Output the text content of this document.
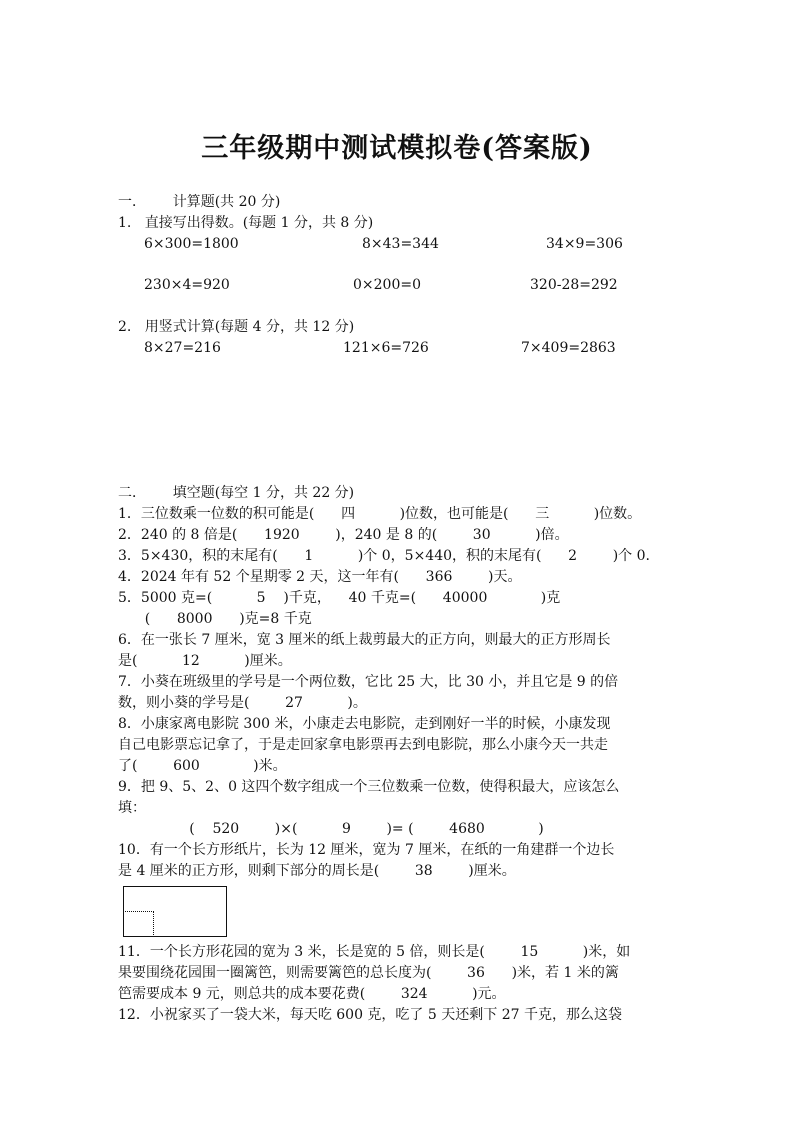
三年级期中测试模拟卷(答案版)
一．      计算题(共 20 分)
1.   直接写出得数。(每题 1 分，共 8 分)
6×300=1800	8×43=344	34×9=306
230×4=920	0×200=0	320-28=292
2.   用竖式计算(每题 4 分，共 12 分)
8×27=216	121×6=726	7×409=2863
二．      填空题(每空 1 分，共 22 分)
1．三位数乘一位数的积可能是(      四          )位数，也可能是(      三          )位数。
2．240 的 8 倍是(      1920        )，240 是 8 的(        30          )倍。
3．5×430，积的末尾有(      1          )个 0，5×440，积的末尾有(      2        )个 0.
4．2024 年有 52 个星期零 2 天，这一年有(      366        )天。
5．5000 克=(          5    )千克，    40 千克=(      40000            )克
(      8000      )克=8 千克
6．在一张长 7 厘米，宽 3 厘米的纸上裁剪最大的正方向，则最大的正方形周长
是(          12          )厘米。
7．小葵在班级里的学号是一个两位数，它比 25 大，比 30 小，并且它是 9 的倍
数，则小葵的学号是(        27          )。
8．小康家离电影院 300 米，小康走去电影院，走到刚好一半的时候，小康发现
自己电影票忘记拿了，于是走回家拿电影票再去到电影院，那么小康今天一共走
了(        600            )米。
9．把 9、5、2、0 这四个数字组成一个三位数乘一位数，使得积最大，应该怎么
填：
(    520        )×(          9        )= (        4680            )
10．有一个长方形纸片，长为 12 厘米，宽为 7 厘米，在纸的一角建群一个边长
是 4 厘米的正方形，则剩下部分的周长是(        38        )厘米。
11．一个长方形花园的宽为 3 米，长是宽的 5 倍，则长是(        15          )米，如
果要围绕花园围一圈篱笆，则需要篱笆的总长度为(        36      )米，若 1 米的篱
笆需要成本 9 元，则总共的成本要花费(        324          )元。
12．小祝家买了一袋大米，每天吃 600 克，吃了 5 天还剩下 27 千克，那么这袋
